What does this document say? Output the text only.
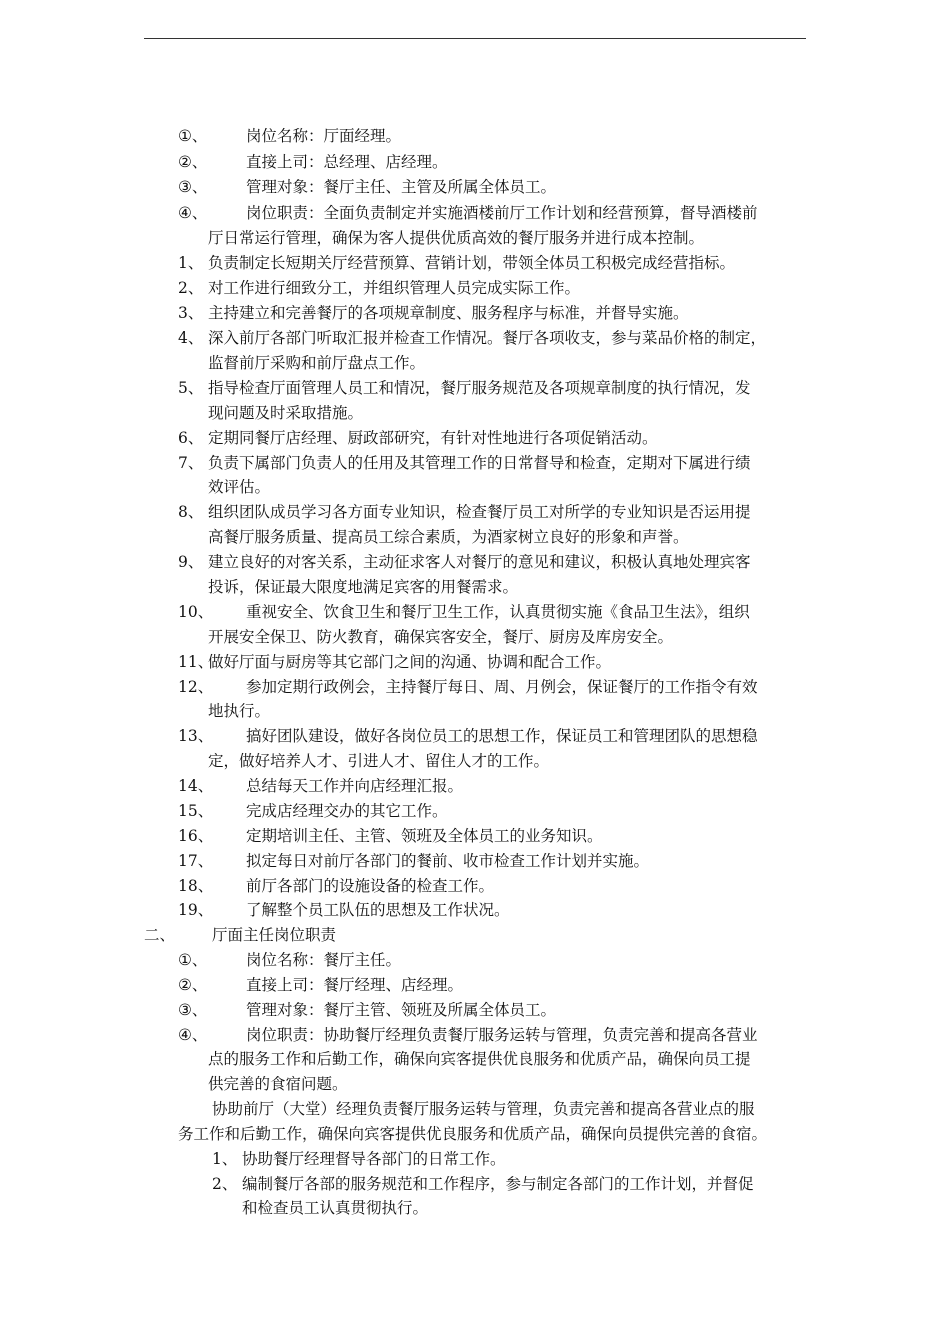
①、 岗位名称：厅面经理。
②、 直接上司：总经理、店经理。
③、 管理对象：餐厅主任、主管及所属全体员工。
④、 岗位职责：全面负责制定并实施酒楼前厅工作计划和经营预算，督导酒楼前
厅日常运行管理，确保为客人提供优质高效的餐厅服务并进行成本控制。
1、 负责制定长短期关厅经营预算、营销计划，带领全体员工积极完成经营指标。
2、 对工作进行细致分工，并组织管理人员完成实际工作。
3、 主持建立和完善餐厅的各项规章制度、服务程序与标准，并督导实施。
4、 深入前厅各部门听取汇报并检查工作情况。餐厅各项收支，参与菜品价格的制定，
监督前厅采购和前厅盘点工作。
5、 指导检查厅面管理人员工和情况，餐厅服务规范及各项规章制度的执行情况，发
现问题及时采取措施。
6、 定期同餐厅店经理、厨政部研究，有针对性地进行各项促销活动。
7、 负责下属部门负责人的任用及其管理工作的日常督导和检查，定期对下属进行绩
效评估。
8、 组织团队成员学习各方面专业知识，检查餐厅员工对所学的专业知识是否运用提
高餐厅服务质量、提高员工综合素质，为酒家树立良好的形象和声誉。
9、 建立良好的对客关系，主动征求客人对餐厅的意见和建议，积极认真地处理宾客
投诉，保证最大限度地满足宾客的用餐需求。
10、 重视安全、饮食卫生和餐厅卫生工作，认真贯彻实施《食品卫生法》，组织
开展安全保卫、防火教育，确保宾客安全，餐厅、厨房及库房安全。
11、
做好厅面与厨房等其它部门之间的沟通、协调和配合工作。
12、 参加定期行政例会，主持餐厅每日、周、月例会，保证餐厅的工作指令有效
地执行。
13、 搞好团队建设，做好各岗位员工的思想工作，保证员工和管理团队的思想稳
定，做好培养人才、引进人才、留住人才的工作。
14、 总结每天工作并向店经理汇报。
15、 完成店经理交办的其它工作。
16、 定期培训主任、主管、领班及全体员工的业务知识。
17、 拟定每日对前厅各部门的餐前、收市检查工作计划并实施。
18、 前厅各部门的设施设备的检查工作。
19、 了解整个员工队伍的思想及工作状况。
二、 厅面主任岗位职责
①、 岗位名称：餐厅主任。
②、 直接上司：餐厅经理、店经理。
③、 管理对象：餐厅主管、领班及所属全体员工。
④、 岗位职责：协助餐厅经理负责餐厅服务运转与管理，负责完善和提高各营业
点的服务工作和后勤工作，确保向宾客提供优良服务和优质产品，确保向员工提
供完善的食宿问题。
协助前厅（大堂）经理负责餐厅服务运转与管理，负责完善和提高各营业点的服
务工作和后勤工作，确保向宾客提供优良服务和优质产品，确保向员提供完善的食宿。
1、 协助餐厅经理督导各部门的日常工作。
2、 编制餐厅各部的服务规范和工作程序，参与制定各部门的工作计划，并督促
和检查员工认真贯彻执行。
